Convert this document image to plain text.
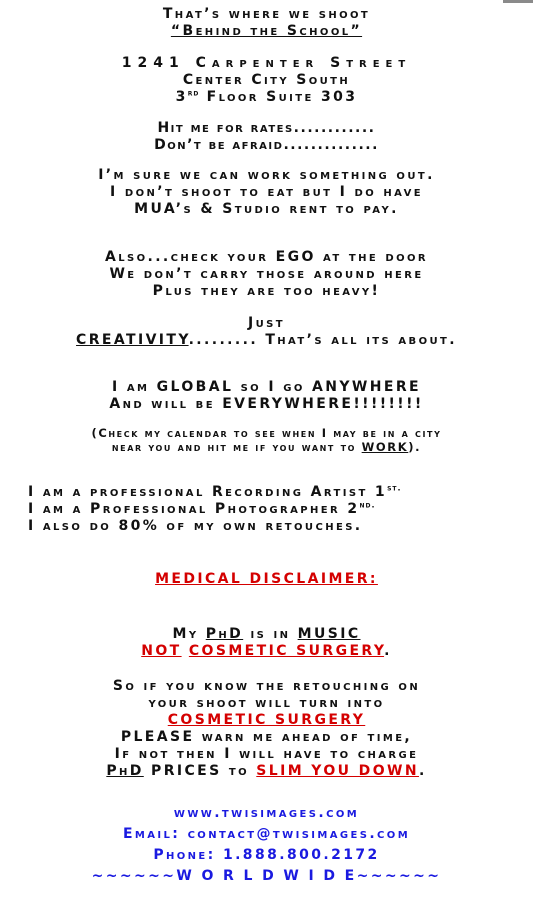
That’s where we shoot
“Behind the School”
1241 Carpenter Street
Center City South
3rd Floor Suite 303
Hit me for rates............
Don’t be afraid..............
I’m sure we can work something out.
I don’t shoot to eat but I do have
MUA’s & Studio rent to pay.
Also...check your EGO at the door
We don’t carry those around here
Plus they are too heavy!
Just
CREATIVITY......... That’s all its about.
I am GLOBAL so I go ANYWHERE
And will be EVERYWHERE!!!!!!!!
(Check my calendar to see when I may be in a city
near you and hit me if you want to WORK).
I am a professional Recording Artist $1^{st.}$
I am a Professional Photographer $2^{nd.}$
I also do 80% of my own retouches.
MEDICAL DISCLAIMER:
My PhD is in MUSIC
NOT COSMETIC SURGERY.
So if you know the retouching on
your shoot will turn into
COSMETIC SURGERY
PLEASE warn me ahead of time,
If not then I will have to charge
PhD PRICES to SLIM YOU DOWN.
www.twisimages.com
Email: contact@twisimages.com
Phone: 1.888.800.2172
~~~~~~W O R L D W I D E~~~~~~
